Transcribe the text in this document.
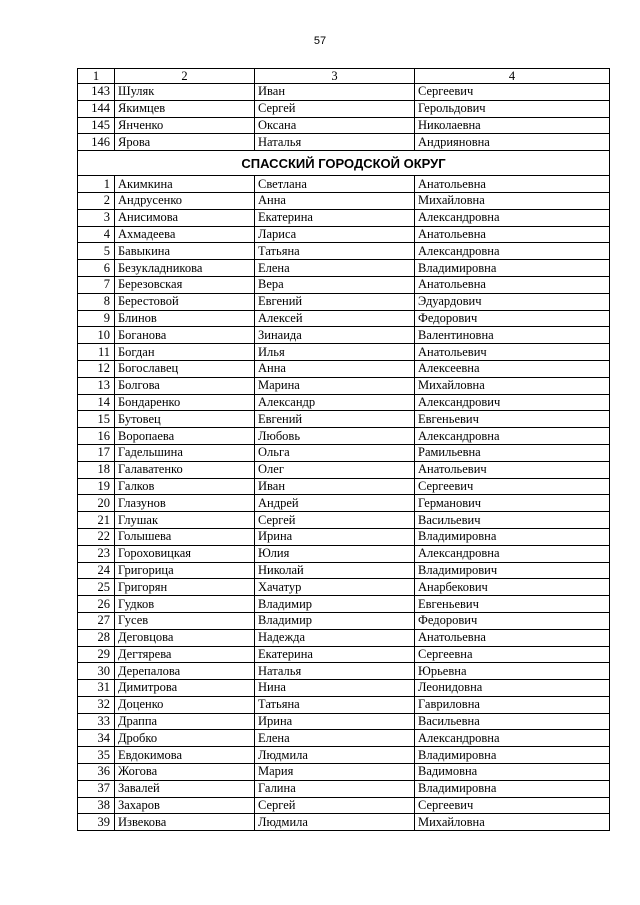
57
1	2	3	4
143	Шуляк	Иван	Сергеевич
144	Якимцев	Сергей	Герольдович
145	Янченко	Оксана	Николаевна
146	Ярова	Наталья	Андрияновна
СПАССКИЙ ГОРОДСКОЙ ОКРУГ			
1	Акимкина	Светлана	Анатольевна
2	Андрусенко	Анна	Михайловна
3	Анисимова	Екатерина	Александровна
4	Ахмадеева	Лариса	Анатольевна
5	Бавыкина	Татьяна	Александровна
6	Безукладникова	Елена	Владимировна
7	Березовская	Вера	Анатольевна
8	Берестовой	Евгений	Эдуардович
9	Блинов	Алексей	Федорович
10	Боганова	Зинаида	Валентиновна
11	Богдан	Илья	Анатольевич
12	Богославец	Анна	Алексеевна
13	Болгова	Марина	Михайловна
14	Бондаренко	Александр	Александрович
15	Бутовец	Евгений	Евгеньевич
16	Воропаева	Любовь	Александровна
17	Гадельшина	Ольга	Рамильевна
18	Галаватенко	Олег	Анатольевич
19	Галков	Иван	Сергеевич
20	Глазунов	Андрей	Германович
21	Глушак	Сергей	Васильевич
22	Голышева	Ирина	Владимировна
23	Гороховицкая	Юлия	Александровна
24	Григорица	Николай	Владимирович
25	Григорян	Хачатур	Анарбекович
26	Гудков	Владимир	Евгеньевич
27	Гусев	Владимир	Федорович
28	Деговцова	Надежда	Анатольевна
29	Дегтярева	Екатерина	Сергеевна
30	Дерепалова	Наталья	Юрьевна
31	Димитрова	Нина	Леонидовна
32	Доценко	Татьяна	Гавриловна
33	Драппа	Ирина	Васильевна
34	Дробко	Елена	Александровна
35	Евдокимова	Людмила	Владимировна
36	Жогова	Мария	Вадимовна
37	Завалей	Галина	Владимировна
38	Захаров	Сергей	Сергеевич
39	Извекова	Людмила	Михайловна
